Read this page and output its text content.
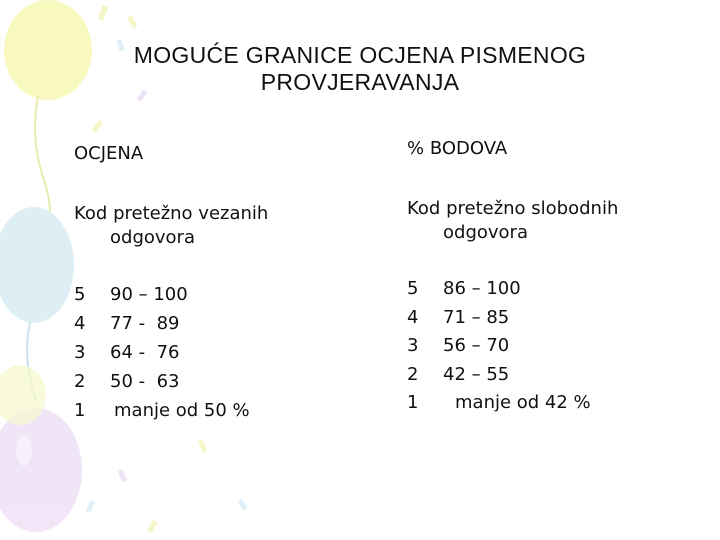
MOGUĆE GRANICE OCJENA PISMENOG
PROVJERAVANJA
OCJENA
Kod pretežno vezanih
odgovora
5	90 – 100
4	77 -  89
3	64 -  76
2	50 -  63
1	manje od 50 %
% BODOVA
Kod pretežno slobodnih
odgovora
5	86 – 100
4	71 – 85
3	56 – 70
2	42 – 55
1	manje od 42 %
